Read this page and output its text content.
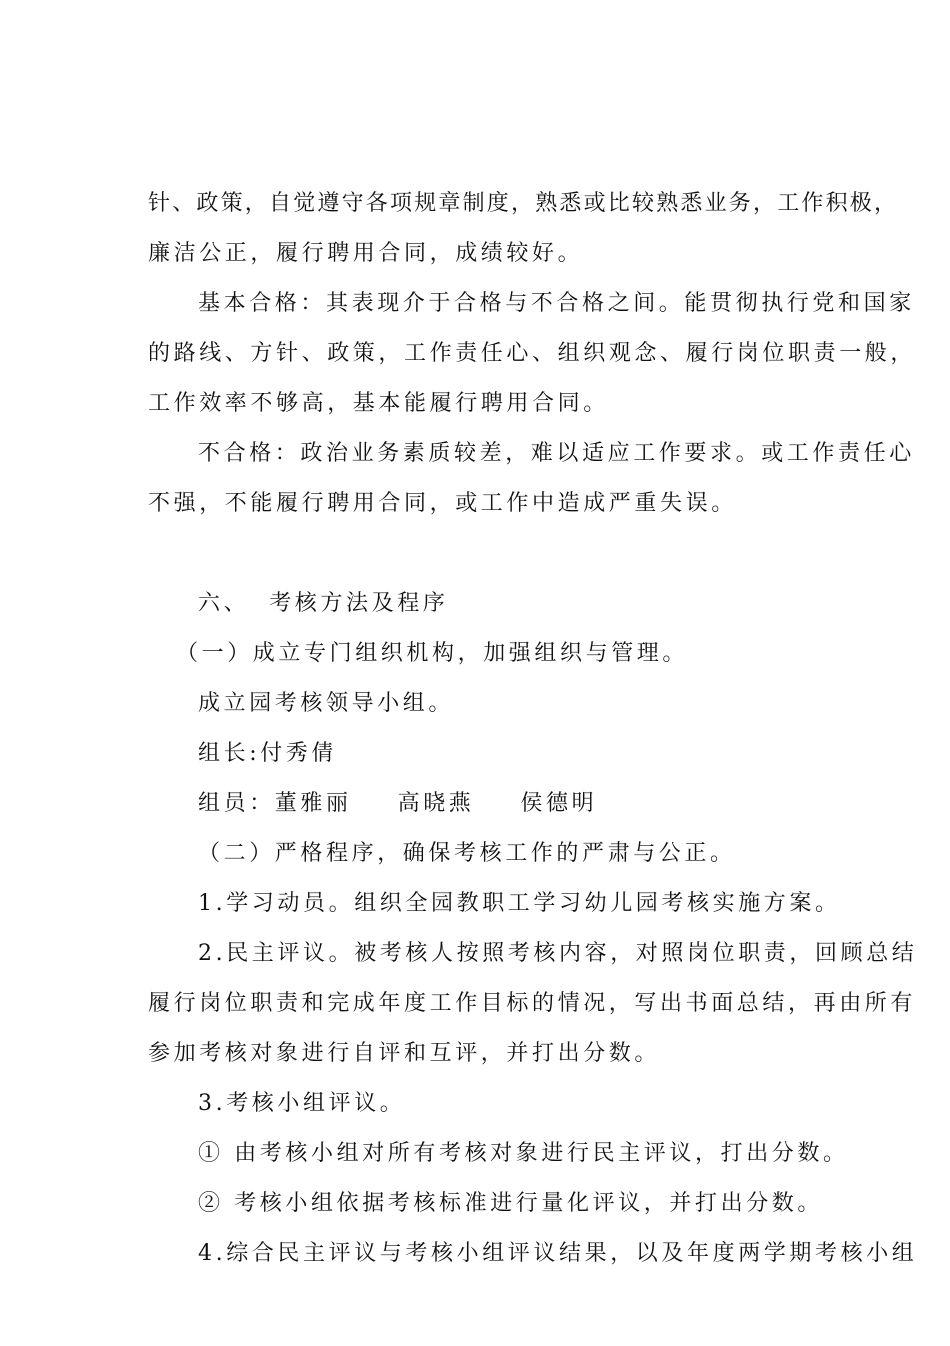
针、政策，自觉遵守各项规章制度，熟悉或比较熟悉业务，工作积极，
廉洁公正，履行聘用合同，成绩较好。
基本合格：其表现介于合格与不合格之间。能贯彻执行党和国家
的路线、方针、政策，工作责任心、组织观念、履行岗位职责一般，
工作效率不够高，基本能履行聘用合同。
不合格：政治业务素质较差，难以适应工作要求。或工作责任心
不强，不能履行聘用合同，或工作中造成严重失误。
六、 考核方法及程序
（一）成立专门组织机构，加强组织与管理。
成立园考核领导小组。
组长:付秀倩
组员：董雅丽 高晓燕 侯德明
（二）严格程序，确保考核工作的严肃与公正。
1.学习动员。组织全园教职工学习幼儿园考核实施方案。
2.民主评议。被考核人按照考核内容，对照岗位职责，回顾总结
履行岗位职责和完成年度工作目标的情况，写出书面总结，再由所有
参加考核对象进行自评和互评，并打出分数。
3.考核小组评议。
① 由考核小组对所有考核对象进行民主评议，打出分数。
② 考核小组依据考核标准进行量化评议，并打出分数。
4.综合民主评议与考核小组评议结果，以及年度两学期考核小组
